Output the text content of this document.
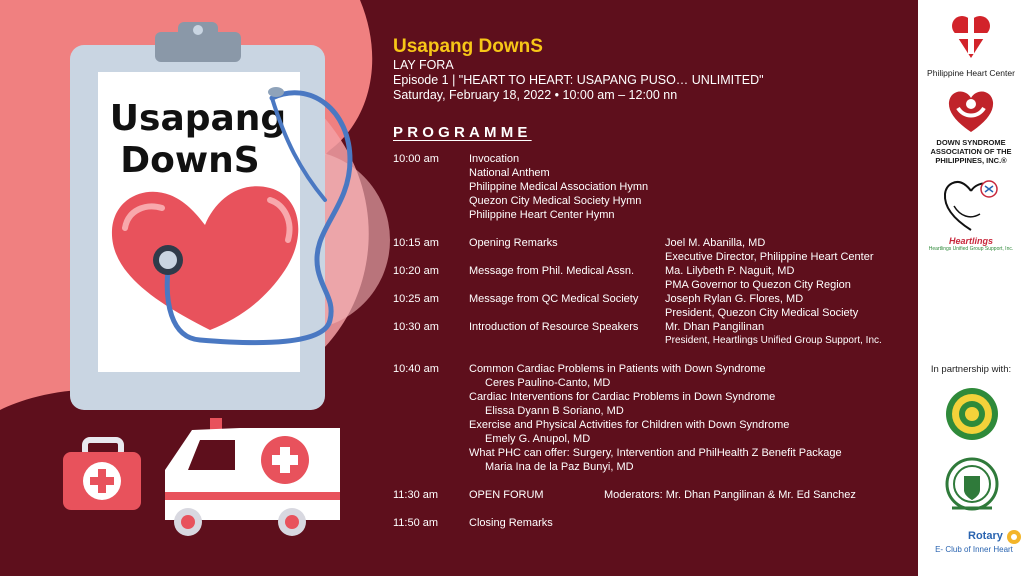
Usapang
DownS
Usapang DownS
LAY FORA
Episode 1 | "HEART TO HEART: USAPANG PUSO… UNLIMITED"
Saturday, February 18, 2022 • 10:00 am – 12:00 nn
PROGRAMME
10:00 am	Invocation
National Anthem
Philippine Medical Association Hymn
Quezon City Medical Society Hymn
Philippine Heart Center Hymn
10:15 am	Opening Remarks	Joel M. Abanilla, MD
Executive Director, Philippine Heart Center
10:20 am	Message from Phil. Medical Assn.	Ma. Lilybeth P. Naguit, MD
PMA Governor to Quezon City Region
10:25 am	Message from QC Medical Society	Joseph Rylan G. Flores, MD
President, Quezon City Medical Society
10:30 am	Introduction of Resource Speakers	Mr. Dhan Pangilinan
President, Heartlings Unified Group Support, Inc.
10:40 am	Common Cardiac Problems in Patients with Down Syndrome
Ceres Paulino-Canto, MD
Cardiac Interventions for Cardiac Problems in Down Syndrome
Elissa Dyann B Soriano, MD
Exercise and Physical Activities for Children with Down Syndrome
Emely G. Anupol, MD
What PHC can offer: Surgery, Intervention and PhilHealth Z Benefit Package
Maria Ina de la Paz Bunyi, MD
11:30 am	OPEN FORUM	Moderators: Mr. Dhan Pangilinan & Mr. Ed Sanchez
11:50 am	Closing Remarks
Philippine Heart Center
DOWN SYNDROME ASSOCIATION OF THE PHILIPPINES, INC.®
Heartlings
Heartlings Unified Group Support, Inc.
In partnership with:
Rotary
E- Club of Inner Heart
